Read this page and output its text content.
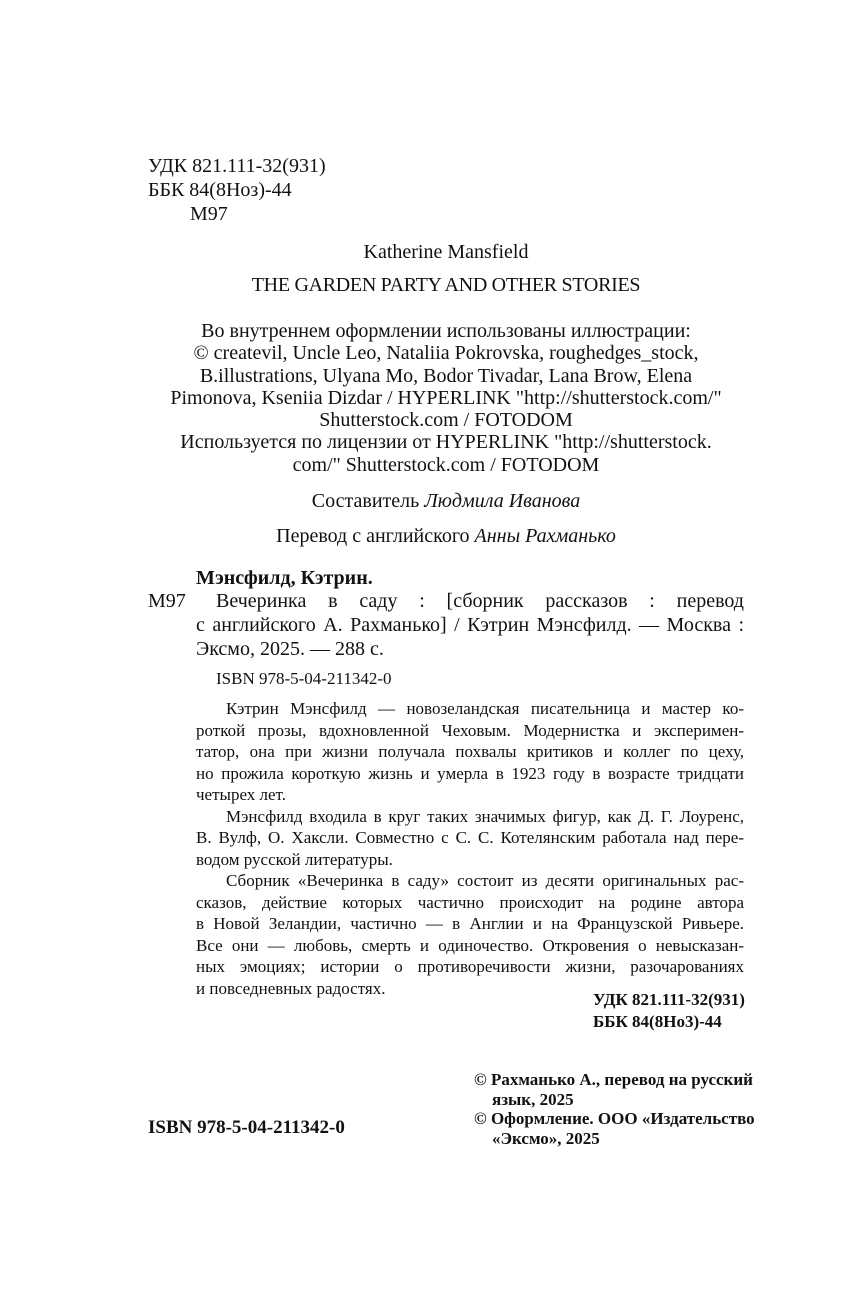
УДК 821.111-32(931)
ББК 84(8Ноз)-44
М97
Katherine Mansfield
THE GARDEN PARTY AND OTHER STORIES
Во внутреннем оформлении использованы иллюстрации:
© createvil, Uncle Leo, Nataliia Pokrovska, roughedges_stock,
B.illustrations, Ulyana Mo, Bodor Tivadar, Lana Brow, Elena
Pimonova, Kseniia Dizdar / HYPERLINK "http://shutterstock.com/"
Shutterstock.com / FOTODOM
Используется по лицензии от HYPERLINK "http://shutterstock.
com/" Shutterstock.com / FOTODOM
Составитель Людмила Иванова
Перевод с английского Анны Рахманько
Мэнсфилд, Кэтрин.
М97 Вечеринка в саду : [сборник рассказов : перевод
с английского А. Рахманько] / Кэтрин Мэнсфилд. — Москва :
Эксмо, 2025. — 288 с.
ISBN 978-5-04-211342-0
Кэтрин Мэнсфилд — новозеландская писательница и мастер ко-
роткой прозы, вдохновленной Чеховым. Модернистка и эксперимен-
татор, она при жизни получала похвалы критиков и коллег по цеху,
но прожила короткую жизнь и умерла в 1923 году в возрасте тридцати
четырех лет.
Мэнсфилд входила в круг таких значимых фигур, как Д. Г. Лоуренс,
В. Вулф, О. Хаксли. Совместно с С. С. Котелянским работала над пере-
водом русской литературы.
Сборник «Вечеринка в саду» состоит из десяти оригинальных рас-
сказов, действие которых частично происходит на родине автора
в Новой Зеландии, частично — в Англии и на Французской Ривьере.
Все они — любовь, смерть и одиночество. Откровения о невысказан-
ных эмоциях; истории о противоречивости жизни, разочарованиях
и повседневных радостях.
УДК 821.111-32(931)
ББК 84(8Но3)-44
ISBN 978-5-04-211342-0
© Рахманько А., перевод на русский
язык, 2025
© Оформление. ООО «Издательство
«Эксмо», 2025
